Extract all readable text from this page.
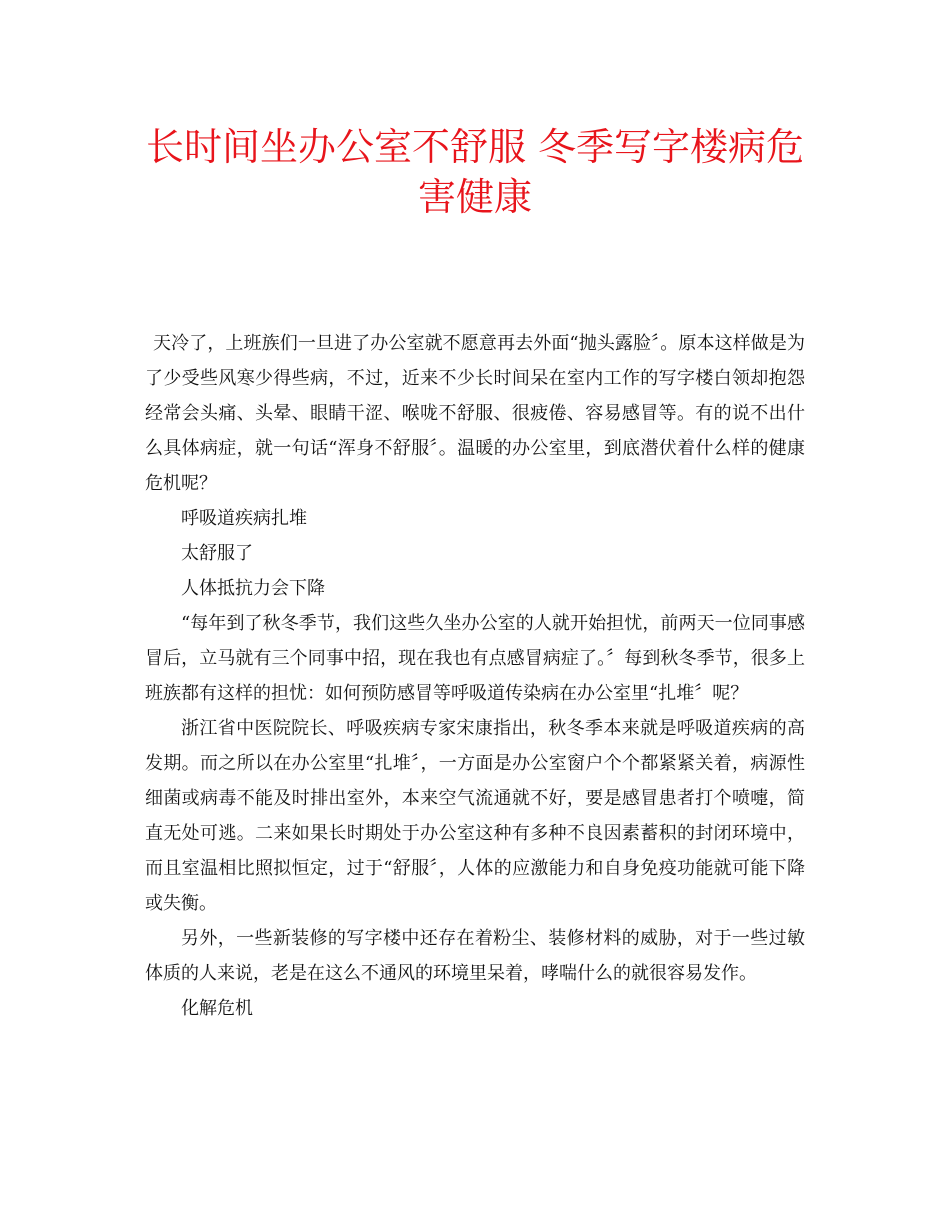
长时间坐办公室不舒服 冬季写字楼病危害健康

天冷了，上班族们一旦进了办公室就不愿意再去外面“抛头露脸〞。原本这样做是为了少受些风寒少得些病，不过，近来不少长时间呆在室内工作的写字楼白领却抱怨经常会头痛、头晕、眼睛干涩、喉咙不舒服、很疲倦、容易感冒等。有的说不出什么具体病症，就一句话“浑身不舒服〞。温暖的办公室里，到底潜伏着什么样的健康危机呢？

呼吸道疾病扎堆

太舒服了

人体抵抗力会下降

“每年到了秋冬季节，我们这些久坐办公室的人就开始担忧，前两天一位同事感冒后，立马就有三个同事中招，现在我也有点感冒病症了。〞每到秋冬季节，很多上班族都有这样的担忧：如何预防感冒等呼吸道传染病在办公室里“扎堆〞呢？

浙江省中医院院长、呼吸疾病专家宋康指出，秋冬季本来就是呼吸道疾病的高发期。而之所以在办公室里“扎堆〞，一方面是办公室窗户个个都紧紧关着，病源性细菌或病毒不能及时排出室外，本来空气流通就不好，要是感冒患者打个喷嚏，简直无处可逃。二来如果长时期处于办公室这种有多种不良因素蓄积的封闭环境中，而且室温相比照拟恒定，过于“舒服〞，人体的应激能力和自身免疫功能就可能下降或失衡。

另外，一些新装修的写字楼中还存在着粉尘、装修材料的威胁，对于一些过敏体质的人来说，老是在这么不通风的环境里呆着，哮喘什么的就很容易发作。

化解危机
